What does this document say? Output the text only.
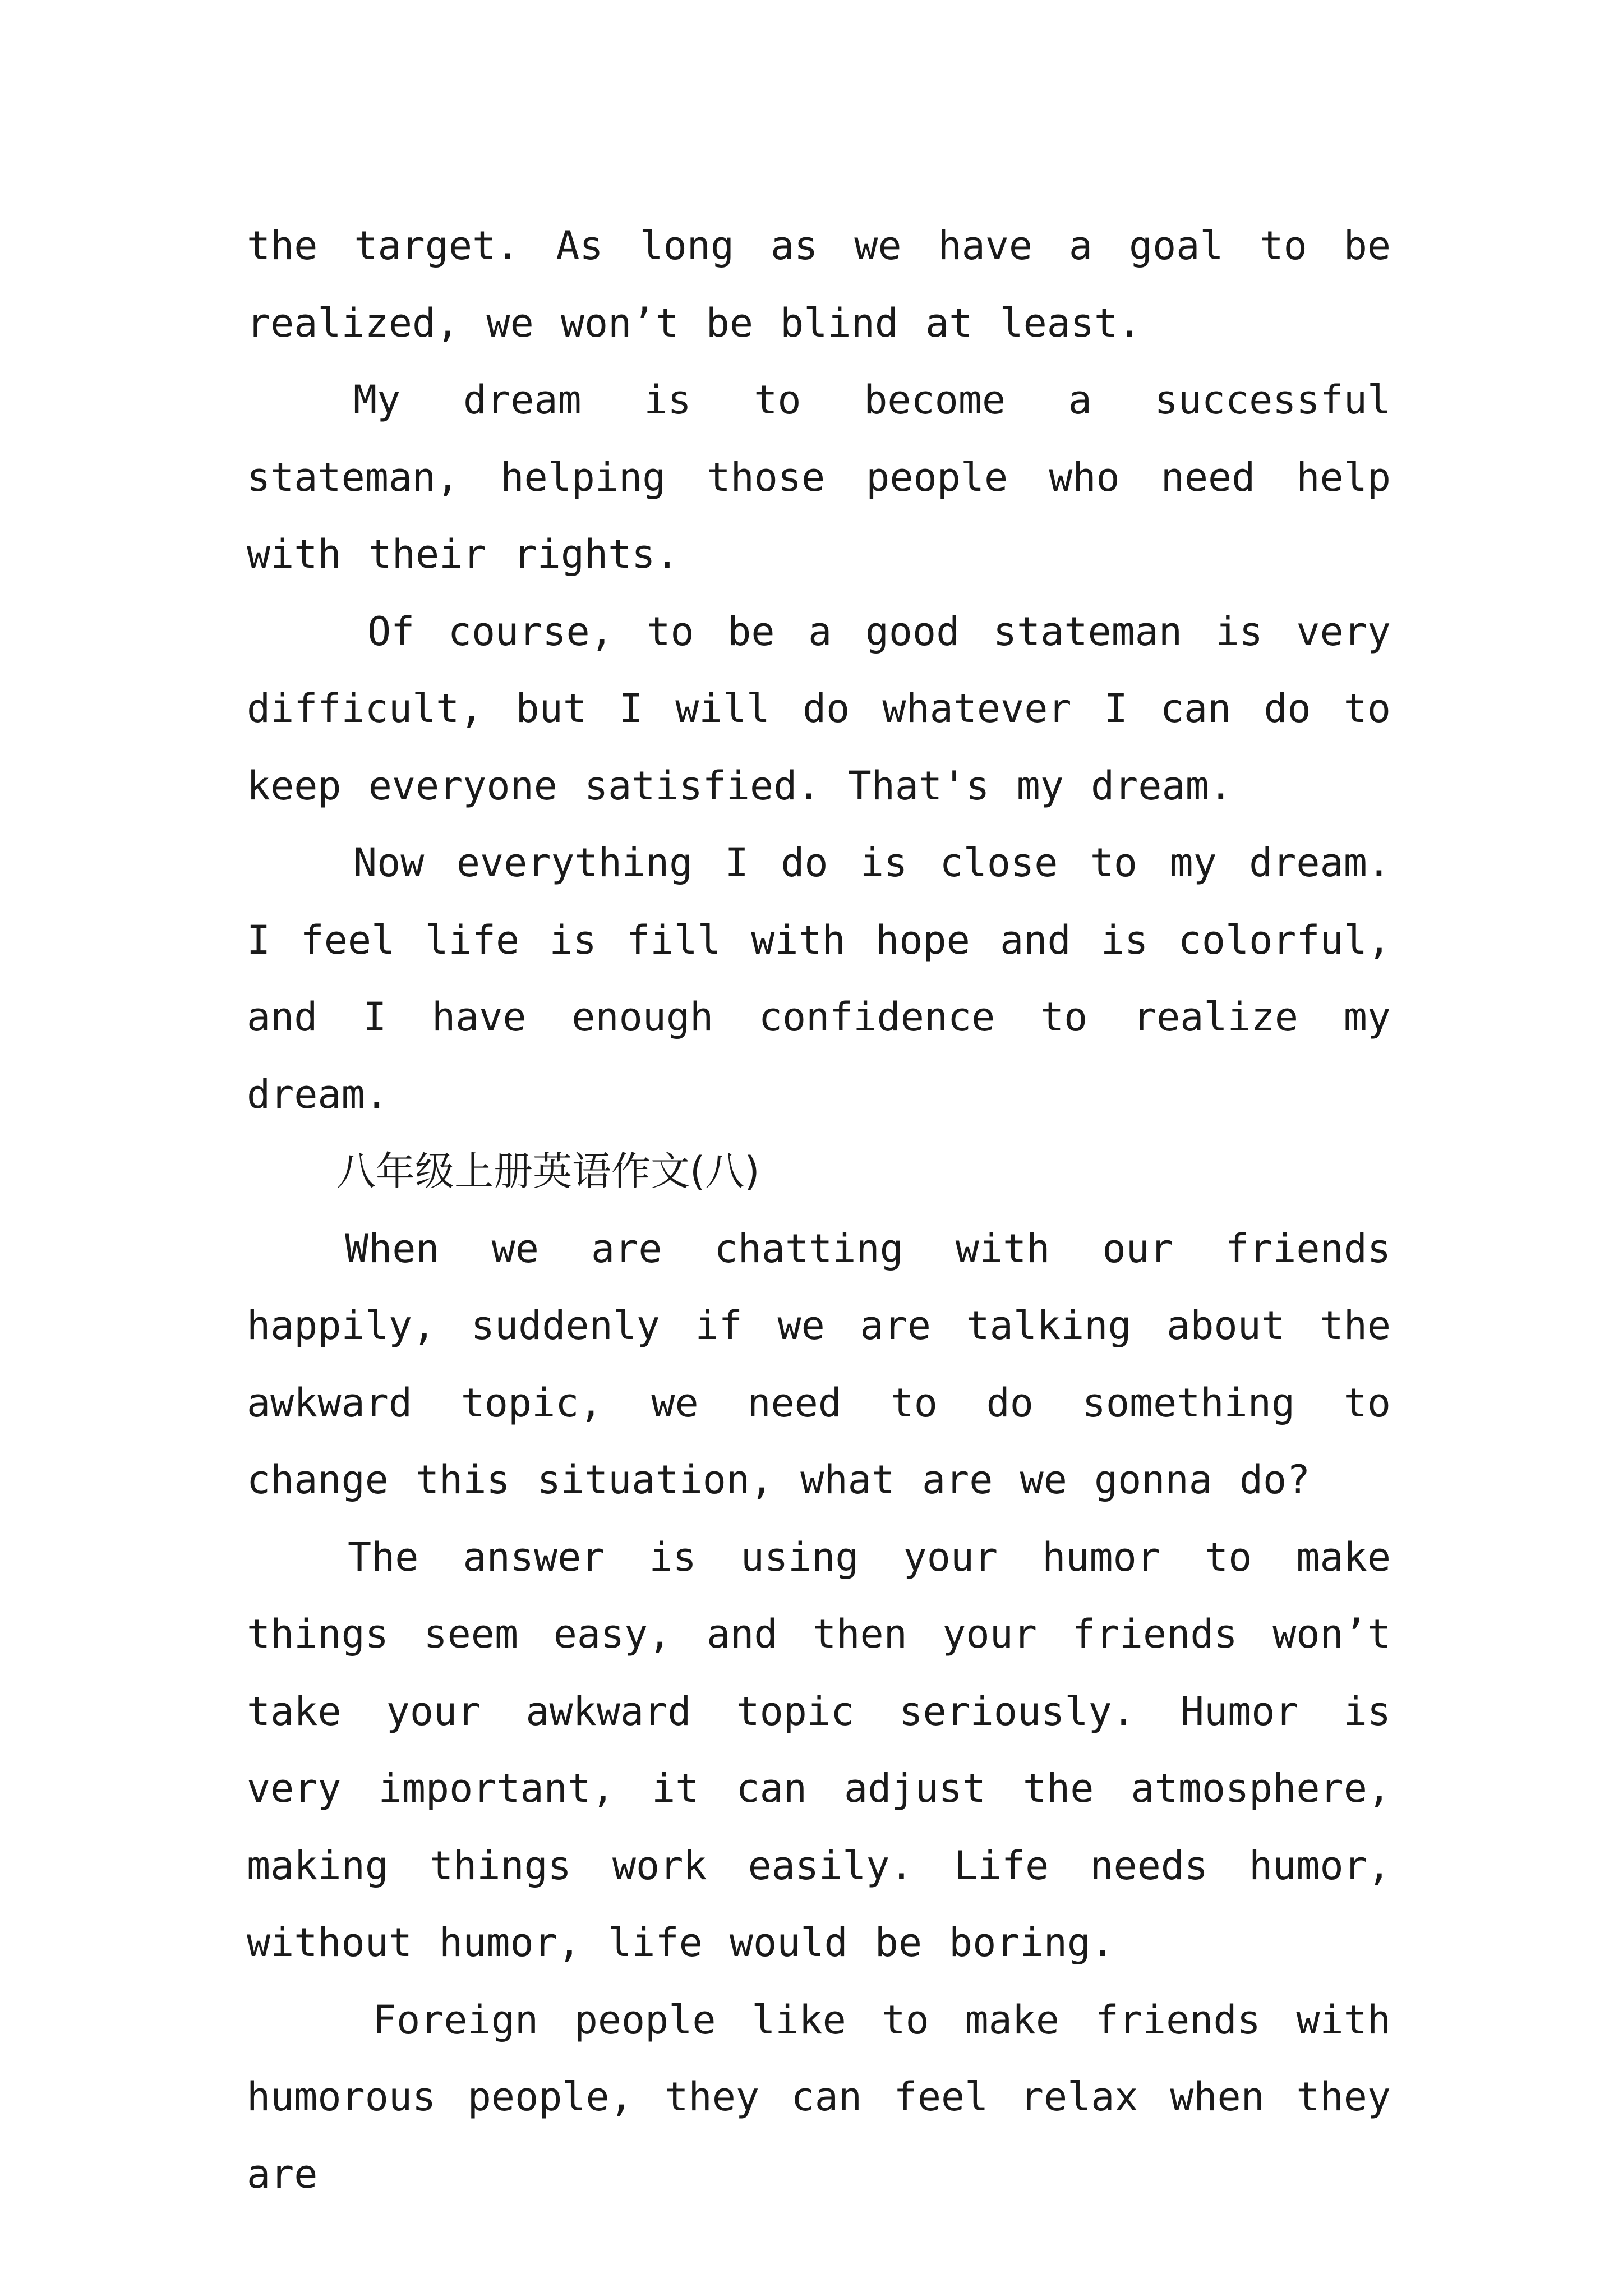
the target. As long as we have a goal to be realized, we won’t be blind at least.

My dream is to become a successful stateman, helping those people who need help with their rights.

Of course, to be a good stateman is very difficult, but I will do whatever I can do to keep everyone satisfied. That's my dream.

Now everything I do is close to my dream. I feel life is fill with hope and is colorful, and I have enough confidence to realize my dream.

八年级上册英语作文(八)

When we are chatting with our friends happily, suddenly if we are talking about the awkward topic, we need to do something to change this situation, what are we gonna do?

The answer is using your humor to make things seem easy, and then your friends won’t take your awkward topic seriously. Humor is very important, it can adjust the atmosphere, making things work easily. Life needs humor, without humor, life would be boring.

Foreign people like to make friends with humorous people, they can feel relax when they are
